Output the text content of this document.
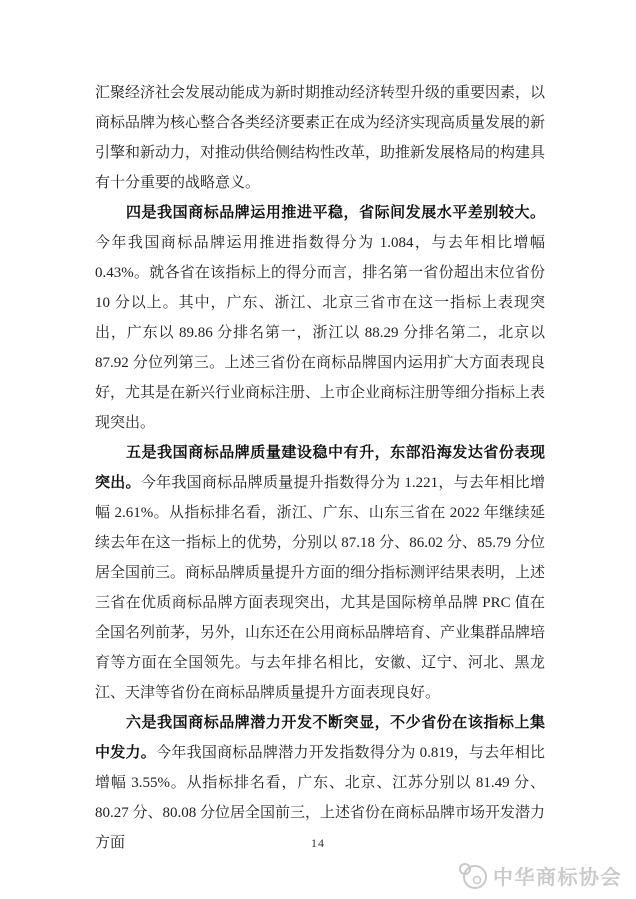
汇聚经济社会发展动能成为新时期推动经济转型升级的重要因素，以商标品牌为核心整合各类经济要素正在成为经济实现高质量发展的新引擎和新动力，对推动供给侧结构性改革，助推新发展格局的构建具有十分重要的战略意义。

四是我国商标品牌运用推进平稳，省际间发展水平差别较大。今年我国商标品牌运用推进指数得分为 1.084，与去年相比增幅 0.43%。就各省在该指标上的得分而言，排名第一省份超出末位省份 10 分以上。其中，广东、浙江、北京三省市在这一指标上表现突出，广东以 89.86 分排名第一，浙江以 88.29 分排名第二，北京以 87.92 分位列第三。上述三省份在商标品牌国内运用扩大方面表现良好，尤其是在新兴行业商标注册、上市企业商标注册等细分指标上表现突出。

五是我国商标品牌质量建设稳中有升，东部沿海发达省份表现突出。今年我国商标品牌质量提升指数得分为 1.221，与去年相比增幅 2.61%。从指标排名看，浙江、广东、山东三省在 2022 年继续延续去年在这一指标上的优势，分别以 87.18 分、86.02 分、85.79 分位居全国前三。商标品牌质量提升方面的细分指标测评结果表明，上述三省在优质商标品牌方面表现突出，尤其是国际榜单品牌 PRC 值在全国名列前茅，另外，山东还在公用商标品牌培育、产业集群品牌培育等方面在全国领先。与去年排名相比，安徽、辽宁、河北、黑龙江、天津等省份在商标品牌质量提升方面表现良好。

六是我国商标品牌潜力开发不断突显，不少省份在该指标上集中发力。今年我国商标品牌潜力开发指数得分为 0.819，与去年相比增幅 3.55%。从指标排名看，广东、北京、江苏分别以 81.49 分、80.27 分、80.08 分位居全国前三，上述省份在商标品牌市场开发潜力方面	14
中华商标协会
